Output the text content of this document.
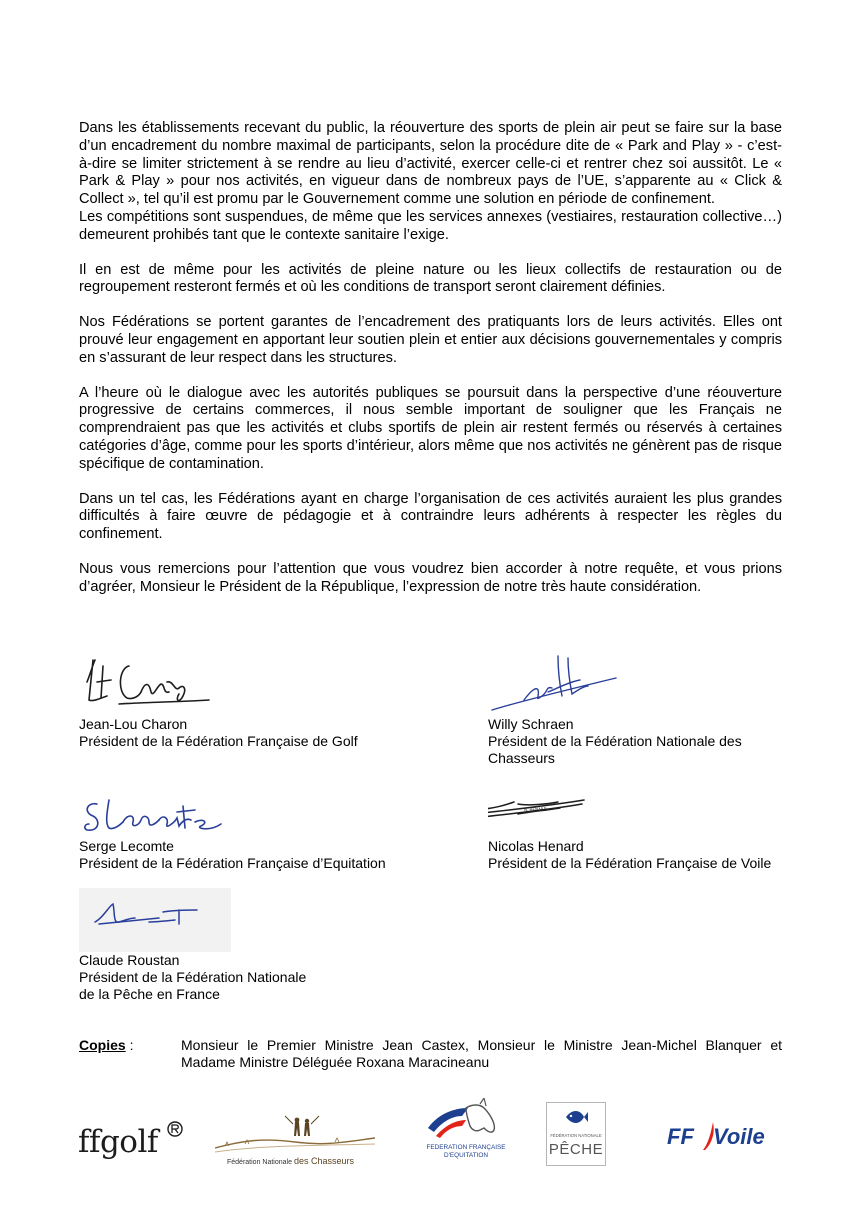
Dans les établissements recevant du public, la réouverture des sports de plein air peut se faire sur la base d’un encadrement du nombre maximal de participants, selon la procédure dite de « Park and Play » - c’est-à-dire se limiter strictement à se rendre au lieu d’activité, exercer celle-ci et rentrer chez soi aussitôt. Le « Park & Play » pour nos activités, en vigueur dans de nombreux pays de l’UE, s’apparente au « Click & Collect », tel qu’il est promu par le Gouvernement comme une solution en période de confinement.

Les compétitions sont suspendues, de même que les services annexes (vestiaires, restauration collective…) demeurent prohibés tant que le contexte sanitaire l’exige.

Il en est de même pour les activités de pleine nature ou les lieux collectifs de restauration ou de regroupement resteront fermés et où les conditions de transport seront clairement définies.

Nos Fédérations se portent garantes de l’encadrement des pratiquants lors de leurs activités. Elles ont prouvé leur engagement en apportant leur soutien plein et entier aux décisions gouvernementales y compris en s’assurant de leur respect dans les structures.

A l’heure où le dialogue avec les autorités publiques se poursuit dans la perspective d’une réouverture progressive de certains commerces, il nous semble important de souligner que les Français ne comprendraient pas que les activités et clubs sportifs de plein air restent fermés ou réservés à certaines catégories d’âge, comme pour les sports d’intérieur, alors même que nos activités ne génèrent pas de risque spécifique de contamination.

Dans un tel cas, les Fédérations ayant en charge l’organisation de ces activités auraient les plus grandes difficultés à faire œuvre de pédagogie et à contraindre leurs adhérents à respecter les règles du confinement.

Nous vous remercions pour l’attention que vous voudrez bien accorder à notre requête, et vous prions d’agréer, Monsieur le Président de la République, l’expression de notre très haute considération.

Jean-Lou Charon
Président de la Fédération Française de Golf
Willy Schraen
Président de la Fédération Nationale des Chasseurs
Serge Lecomte
Président de la Fédération Française d’Equitation
N. HENARD
Nicolas Henard
Président de la Fédération Française de Voile
Claude Roustan
Président de la Fédération Nationale
de la Pêche en France
Copies :	Monsieur le Premier Ministre Jean Castex, Monsieur le Ministre Jean-Michel Blanquer et Madame Ministre Déléguée Roxana Maracineanu
ffgolf
Fédération Nationale des Chasseurs
FEDERATION FRANÇAISE
D'EQUITATION
FÉDÉRATION NATIONALE
PÊCHE
FF Voile
